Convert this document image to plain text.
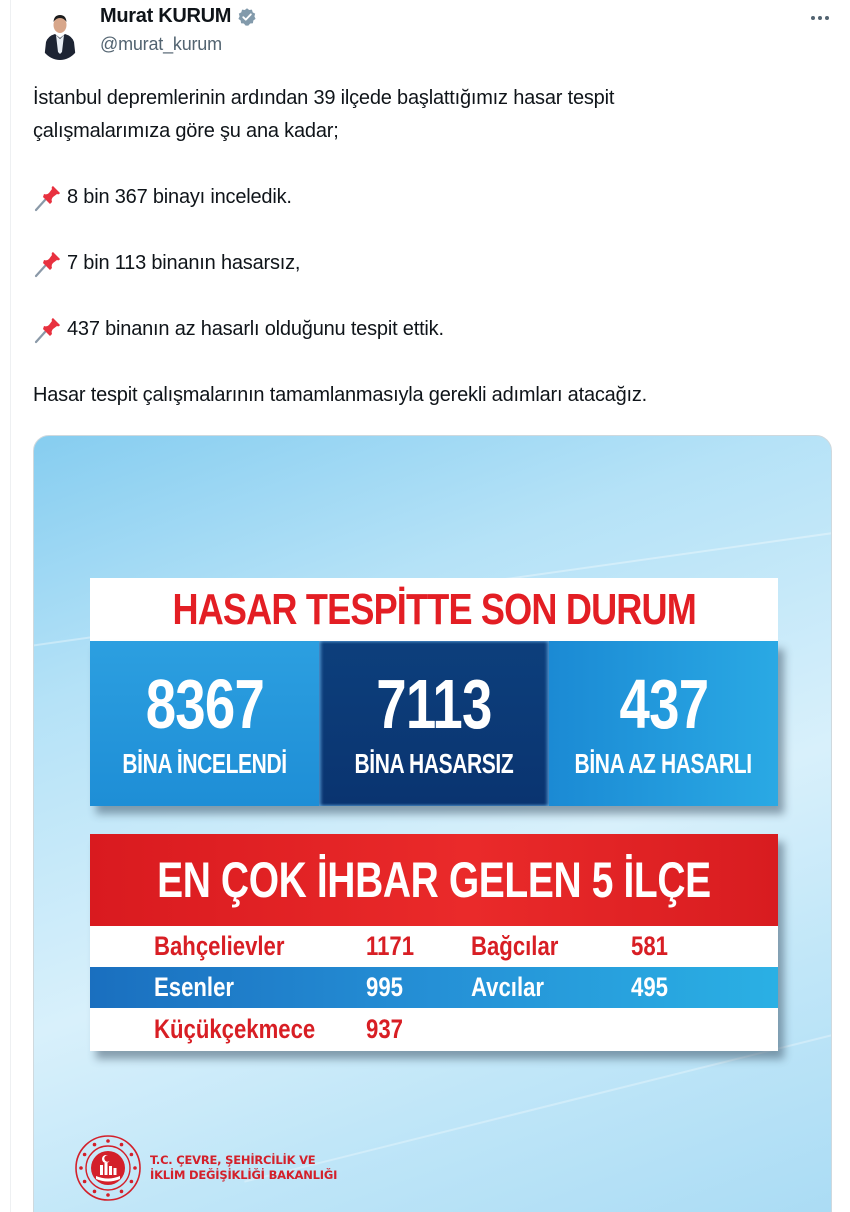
Murat KURUM
@murat_kurum

İstanbul depremlerinin ardından 39 ilçede başlattığımız hasar tespit

çalışmalarımıza göre şu ana kadar;

8 bin 367 binayı inceledik.

7 bin 113 binanın hasarsız,

437 binanın az hasarlı olduğunu tespit ettik.

Hasar tespit çalışmalarının tamamlanmasıyla gerekli adımları atacağız.

HASAR TESPİTTE SON DURUM
8367
BİNA İNCELENDİ
7113
BİNA HASARSIZ
437
BİNA AZ HASARLI
EN ÇOK İHBAR GELEN 5 İLÇE
Bahçelievler	1171 Bağcılar	581
Esenler	995	Avcılar	495
Küçükçekmece 937
T.C. ÇEVRE, ŞEHİRCİLİK VE
İKLİM DEĞİŞİKLİĞİ BAKANLIĞI
